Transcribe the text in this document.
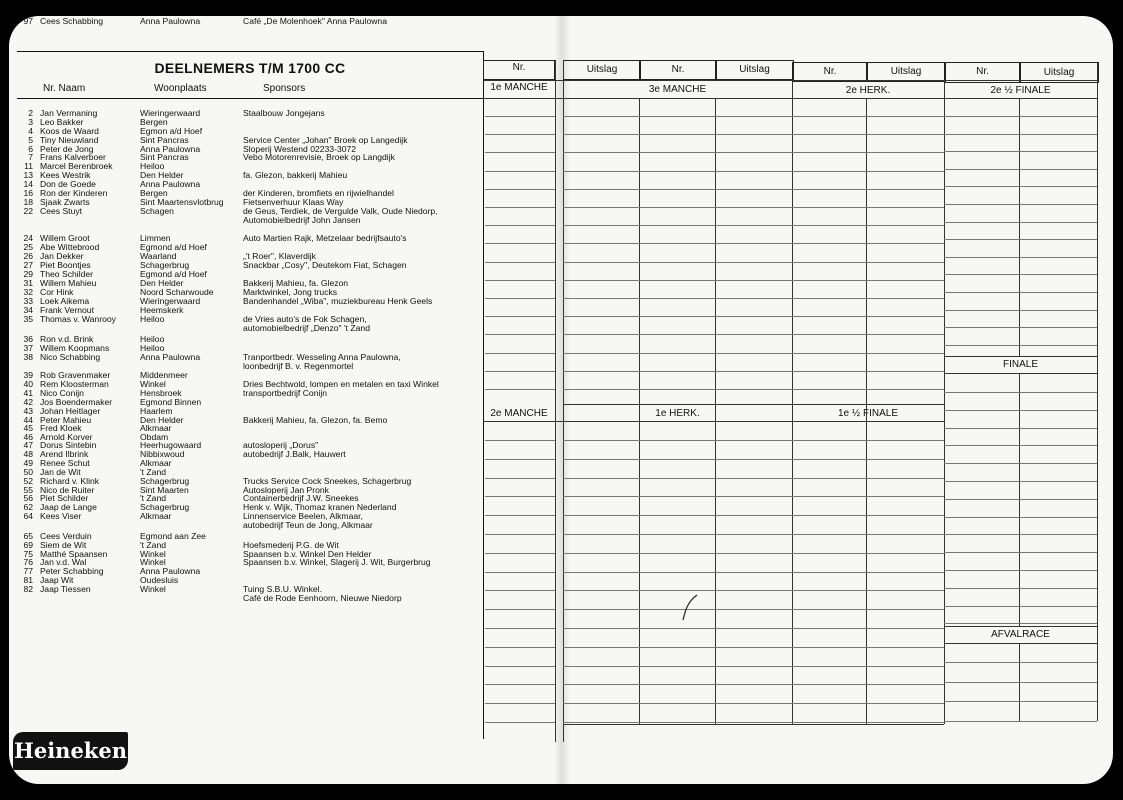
DEELNEMERS T/M 1700 CC
Nr. Naam	Woonplaats	Sponsors
2 Jan Vermaning	Wieringerwaard	Staalbouw Jongejans
3 Leo Bakker	Bergen
4 Koos de Waard	Egmon a/d Hoef
5 Tiny Nieuwland	Sint Pancras	Service Center „Johan" Broek op Langedijk
6 Peter de Jong	Anna Paulowna	Sloperij Westend 02233-3072
7 Frans Kalverboer	Sint Pancras	Vebo Motorenrevisie, Broek op Langdijk
11 Marcel Berenbroek	Heiloo
13 Kees Westrik	Den Helder	fa. Glezon, bakkerij Mahieu
14 Don de Goede	Anna Paulowna
16 Ron der Kinderen	Bergen	der Kinderen, bromfiets en rijwielhandel
18 Sjaak Zwarts	Sint Maartensvlotbrug Fietsenverhuur Klaas Way
22 Cees Stuyt	Schagen	de Geus, Terdiek, de Vergulde Valk, Oude Niedorp,
Automobielbedrijf John Jansen
24 Willem Groot	Limmen	Auto Martien Rajk, Metzelaar bedrijfsauto's
25 Abe Wittebrood	Egmond a/d Hoef
26 Jan Dekker	Waarland	„'t Roer", Klaverdijk
27 Piet Boontjes	Schagerbrug	Snackbar „Cosy", Deutekom Fiat, Schagen
29 Theo Schilder	Egmond a/d Hoef
31 Willem Mahieu	Den Helder	Bakkerij Mahieu, fa. Glezon
32 Cor Hink	Noord Scharwoude	Marktwinkel, Jong trucks
33 Loek Aikema	Wieringerwaard	Bandenhandel „Wiba", muziekbureau Henk Geels
34 Frank Vernout	Heemskerk
35 Thomas v. Wanrooy	Heiloo	de Vries auto's de Fok Schagen,
automobielbedrijf „Denzo" 't Zand
36 Ron v.d. Brink	Heiloo
37 Willem Koopmans	Heiloo
38 Nico Schabbing	Anna Paulowna	Tranportbedr. Wesseling Anna Paulowna,
loonbedrijf B. v. Regenmortel
39 Rob Gravenmaker	Middenmeer
40 Rem Kloosterman	Winkel	Dries Bechtwold, lompen en metalen en taxi Winkel
41 Nico Conijn	Hensbroek	transportbedrijf Conijn
42 Jos Boendermaker	Egmond Binnen
43 Johan Heitlager	Haarlem
44 Peter Mahieu	Den Helder	Bakkerij Mahieu, fa. Glezon, fa. Bemo
45 Fred Kloek	Alkmaar
46 Arnold Korver	Obdam
47 Dorus Sintebin	Heerhugowaard	autosloperij „Dorus"
48 Arend Ilbrink	Nibbixwoud	autobedrijf J.Balk, Hauwert
49 Renee Schut	Alkmaar
50 Jan de Wit	't Zand
52 Richard v. Klink	Schagerbrug	Trucks Service Cock Sneekes, Schagerbrug
55 Nico de Ruiter	Sint Maarten	Autosloperij Jan Pronk
56 Piet Schilder	't Zand	Containerbedrijf J.W. Sneekes
62 Jaap de Lange	Schagerbrug	Henk v. Wijk, Thomaz kranen Nederland
64 Kees Viser	Alkmaar	Linnenservice Beelen, Alkmaar,
autobedrijf Teun de Jong, Alkmaar
65 Cees Verduin	Egmond aan Zee
69 Siem de Wit	't Zand	Hoefsmederij P.G. de Wit
75 Matthé Spaansen	Winkel	Spaansen b.v. Winkel Den Helder
76 Jan v.d. Wal	Winkel	Spaansen b.v. Winkel, Slagerij J. Wit, Burgerbrug
77 Peter Schabbing	Anna Paulowna
81 Jaap Wit	Oudesluis
82 Jaap Tiessen	Winkel	Tuing S.B.U. Winkel.
Café de Rode Eenhoorn, Nieuwe Niedorp
97 Cees Schabbing	Anna Paulowna	Café „De Molenhoek" Anna Paulowna
Nr.	Uitslag	Nr.	Uitslag	Nr.	Uitslag	Nr.	Uitslag
1e MANCHE	3e MANCHE	2e HERK.	2e ½ FINALE
2e MANCHE	1e HERK.	1e ½ FINALE
FINALE
AFVALRACE
Heineken
